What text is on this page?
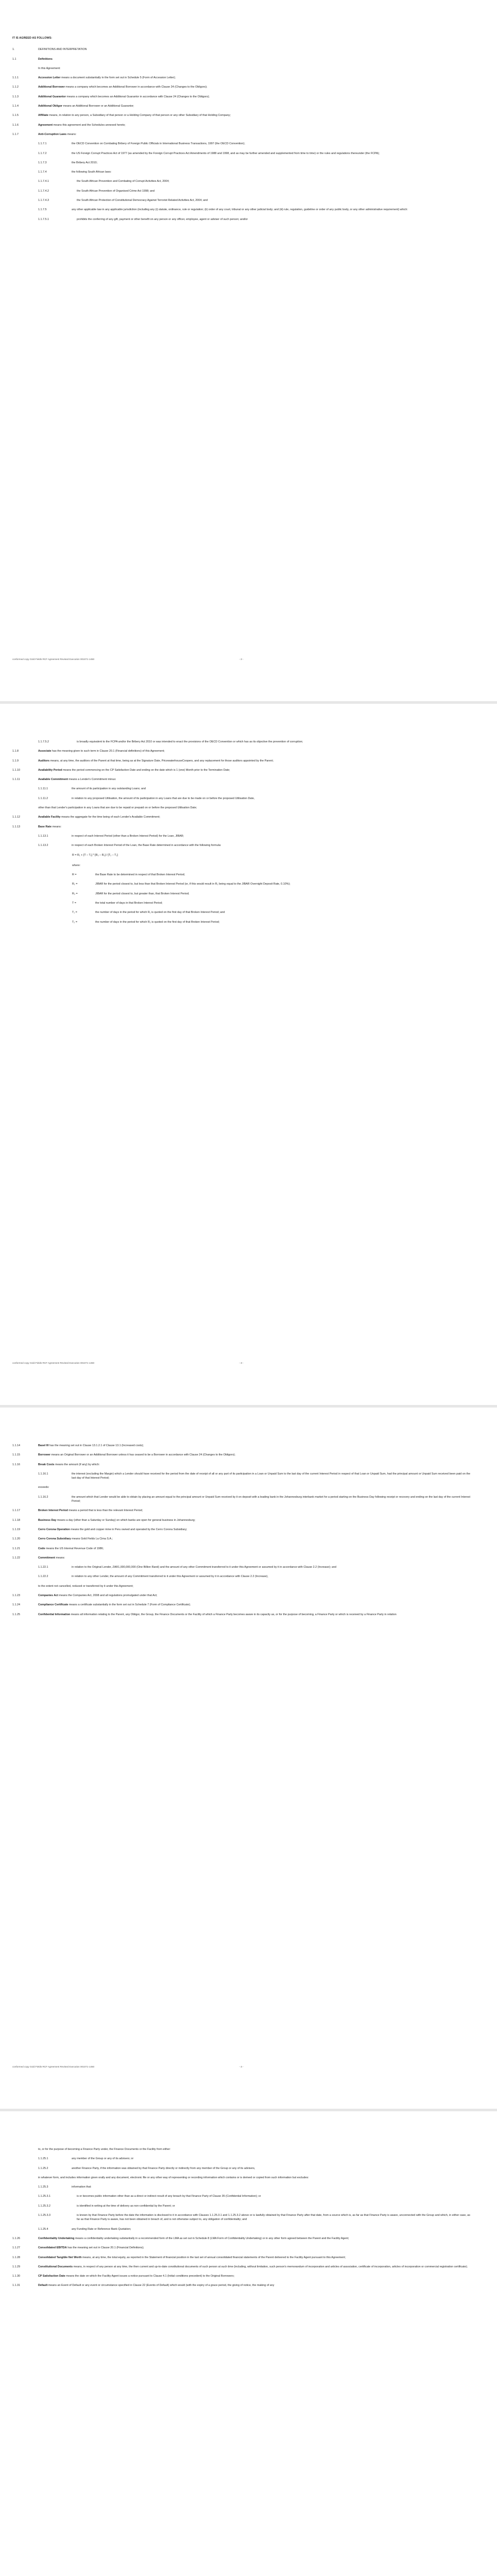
IT IS AGREED AS FOLLOWS:
1.	DEFINITIONS AND INTERPRETATION
1.1	Definitions
In this Agreement:
1.1.1	Accession Letter means a document substantially in the form set out in Schedule 5 (Form of Accession Letter);
1.1.2	Additional Borrower means a company which becomes an Additional Borrower in accordance with Clause 24 (Changes to the Obligors);
1.1.3	Additional Guarantor means a company which becomes an Additional Guarantor in accordance with Clause 24 (Changes to the Obligors);
1.1.4	Additional Obligor means an Additional Borrower or an Additional Guarantor;
1.1.5	Affiliate means, in relation to any person, a Subsidiary of that person or a Holding Company of that person or any other Subsidiary of that Holding Company;
1.1.6	Agreement means this agreement and the Schedules annexed hereto;
1.1.7	Anti-Corruption Laws means:
1.1.7.1	the OECD Convention on Combating Bribery of Foreign Public Officials in International Business Transactions, 1997 (the OECD Convention);
1.1.7.2	the US Foreign Corrupt Practices Act of 1977 (as amended by the Foreign Corrupt Practices Act Amendments of 1988 and 1998, and as may be further amended and supplemented from time to time) or the rules and regulations thereunder (the FCPA);
1.1.7.3	the Bribery Act 2010;
1.1.7.4	the following South African laws:
1.1.7.4.1	the South African Prevention and Combating of Corrupt Activities Act, 2004;
1.1.7.4.2	the South African Prevention of Organised Crime Act 1998; and
1.1.7.4.3	the South African Protection of Constitutional Democracy Against Terrorist Related Activities Act, 2004; and
1.1.7.5	any other applicable law in any applicable jurisdiction (including any (i) statute, ordinance, rule or regulation; (ii) order of any court, tribunal or any other judicial body; and (iii) rule, regulation, guideline or order of any public body, or any other administrative requirement) which:
1.1.7.5.1	prohibits the conferring of any gift, payment or other benefit on any person or any officer, employee, agent or adviser of such person; and/or
conformed copy Gold Fields RCF Agreement Revised Execution 001071-1450	- 2 -
1.1.7.5.2	is broadly equivalent to the FCPA and/or the Bribery Act 2010 or was intended to enact the provisions of the OECD Convention or which has as its objective the prevention of corruption;
1.1.8	Associate has the meaning given to such term in Clause 20.1 (Financial definitions) of this Agreement;
1.1.9	Auditors means, at any time, the auditors of the Parent at that time, being as at the Signature Date, PricewaterhouseCoopers, and any replacement for those auditors appointed by the Parent;
1.1.10	Availability Period means the period commencing on the CP Satisfaction Date and ending on the date which is 1 (one) Month prior to the Termination Date;
1.1.11	Available Commitment means a Lender's Commitment minus:
1.1.11.1	the amount of its participation in any outstanding Loans; and
1.1.11.2	in relation to any proposed Utilisation, the amount of its participation in any Loans that are due to be made on or before the proposed Utilisation Date,
other than that Lender's participation in any Loans that are due to be repaid or prepaid on or before the proposed Utilisation Date;
1.1.12	Available Facility means the aggregate for the time being of each Lender's Available Commitment;
1.1.13	Base Rate means:
1.1.13.1	in respect of each Interest Period (other than a Broken Interest Period) for the Loan, JIBAR;
1.1.13.2	in respect of each Broken Interest Period of the Loan, the Base Rate determined in accordance with the following formula:
R = R₁ + [T – T₁] * [R₂ – R₁] / [T₂ – T₁]
where:
R =	the Base Rate to be determined in respect of that Broken Interest Period;
R₁ =	JIBAR for the period closest to, but less than that Broken Interest Period (or, if this would result in R₁ being equal to the JIBAR Overnight Deposit Rate, 0.10%);
R₂ =	JIBAR for the period closest to, but greater than, that Broken Interest Period;
T =	the total number of days in that Broken Interest Period;
T₁ =	the number of days in the period for which R₁ is quoted on the first day of that Broken Interest Period; and
T₂ =	the number of days in the period for which R₂ is quoted on the first day of that Broken Interest Period;
conformed copy Gold Fields RCF Agreement Revised Execution 001071-1450	- 3 -
1.1.14	Basel III has the meaning set out in Clause 13.1.2.1 of Clause 13.1 (Increased costs);
1.1.15	Borrower means an Original Borrower or an Additional Borrower unless it has ceased to be a Borrower in accordance with Clause 24 (Changes to the Obligors);
1.1.16	Break Costs means the amount (if any) by which:
1.1.16.1	the interest (excluding the Margin) which a Lender should have received for the period from the date of receipt of all or any part of its participation in a Loan or Unpaid Sum to the last day of the current Interest Period in respect of that Loan or Unpaid Sum, had the principal amount or Unpaid Sum received been paid on the last day of that Interest Period;
exceeds:
1.1.16.2	the amount which that Lender would be able to obtain by placing an amount equal to the principal amount or Unpaid Sum received by it on deposit with a leading bank in the Johannesburg interbank market for a period starting on the Business Day following receipt or recovery and ending on the last day of the current Interest Period;
1.1.17	Broken Interest Period means a period that is less than the relevant Interest Period;
1.1.18	Business Day means a day (other than a Saturday or Sunday) on which banks are open for general business in Johannesburg;
1.1.19	Cerro Corona Operation means the gold and copper mine in Peru owned and operated by the Cerro Corona Subsidiary;
1.1.20	Cerro Corona Subsidiary means Gold Fields La Cima S.A.;
1.1.21	Code means the US Internal Revenue Code of 1986;
1.1.22	Commitment means:
1.1.22.1	in relation to the Original Lender, ZAR1,000,000,000 (One Billion Rand) and the amount of any other Commitment transferred to it under this Agreement or assumed by it in accordance with Clause 2.2 (Increase); and
1.1.22.2	in relation to any other Lender, the amount of any Commitment transferred to it under this Agreement or assumed by it in accordance with Clause 2.2 (Increase),
to the extent not cancelled, reduced or transferred by it under this Agreement;
1.1.23	Companies Act means the Companies Act, 2008 and all regulations promulgated under that Act;
1.1.24	Compliance Certificate means a certificate substantially in the form set out in Schedule 7 (Form of Compliance Certificate);
1.1.25	Confidential Information means all information relating to the Parent, any Obligor, the Group, the Finance Documents or the Facility of which a Finance Party becomes aware in its capacity as, or for the purpose of becoming, a Finance Party or which is received by a Finance Party in relation
conformed copy Gold Fields RCF Agreement Revised Execution 001071-1450	- 4 -
to, or for the purpose of becoming a Finance Party under, the Finance Documents or the Facility from either:
1.1.25.1	any member of the Group or any of its advisers; or
1.1.25.2	another Finance Party, if the information was obtained by that Finance Party directly or indirectly from any member of the Group or any of its advisers,
in whatever form, and includes information given orally and any document, electronic file or any other way of representing or recording information which contains or is derived or copied from such information but excludes:
1.1.25.3	information that:
1.1.25.3.1	is or becomes public information other than as a direct or indirect result of any breach by that Finance Party of Clause 35 (Confidential Information); or
1.1.25.3.2	is identified in writing at the time of delivery as non-confidential by the Parent; or
1.1.25.3.3	is known by that Finance Party before the date the information is disclosed to it in accordance with Clauses 1.1.25.3.1 and 1.1.25.3.2 above or is lawfully obtained by that Finance Party after that date, from a source which is, as far as that Finance Party is aware, unconnected with the Group and which, in either case, as far as that Finance Party is aware, has not been obtained in breach of, and is not otherwise subject to, any obligation of confidentiality; and
1.1.25.4	any Funding Rate or Reference Bank Quotation;
1.1.26	Confidentiality Undertaking means a confidentiality undertaking substantially in a recommended form of the LMA as set out in Schedule 8 (LMA Form of Confidentiality Undertaking) or in any other form agreed between the Parent and the Facility Agent;
1.1.27	Consolidated EBITDA has the meaning set out in Clause 20.1 (Financial Definitions);
1.1.28	Consolidated Tangible Net Worth means, at any time, the total equity, as reported in the Statement of financial position in the last set of annual consolidated financial statements of the Parent delivered to the Facility Agent pursuant to this Agreement;
1.1.29	Constitutional Documents means, in respect of any person at any time, the then current and up-to-date constitutional documents of such person at such time (including, without limitation, such person's memorandum of incorporation and articles of association, certificate of incorporation, articles of incorporation or commercial registration certificate);
1.1.30	CP Satisfaction Date means the date on which the Facility Agent issues a notice pursuant to Clause 4.1 (Initial conditions precedent) to the Original Borrowers;
1.1.31	Default means an Event of Default or any event or circumstance specified in Clause 22 (Events of Default) which would (with the expiry of a grace period, the giving of notice, the making of any
